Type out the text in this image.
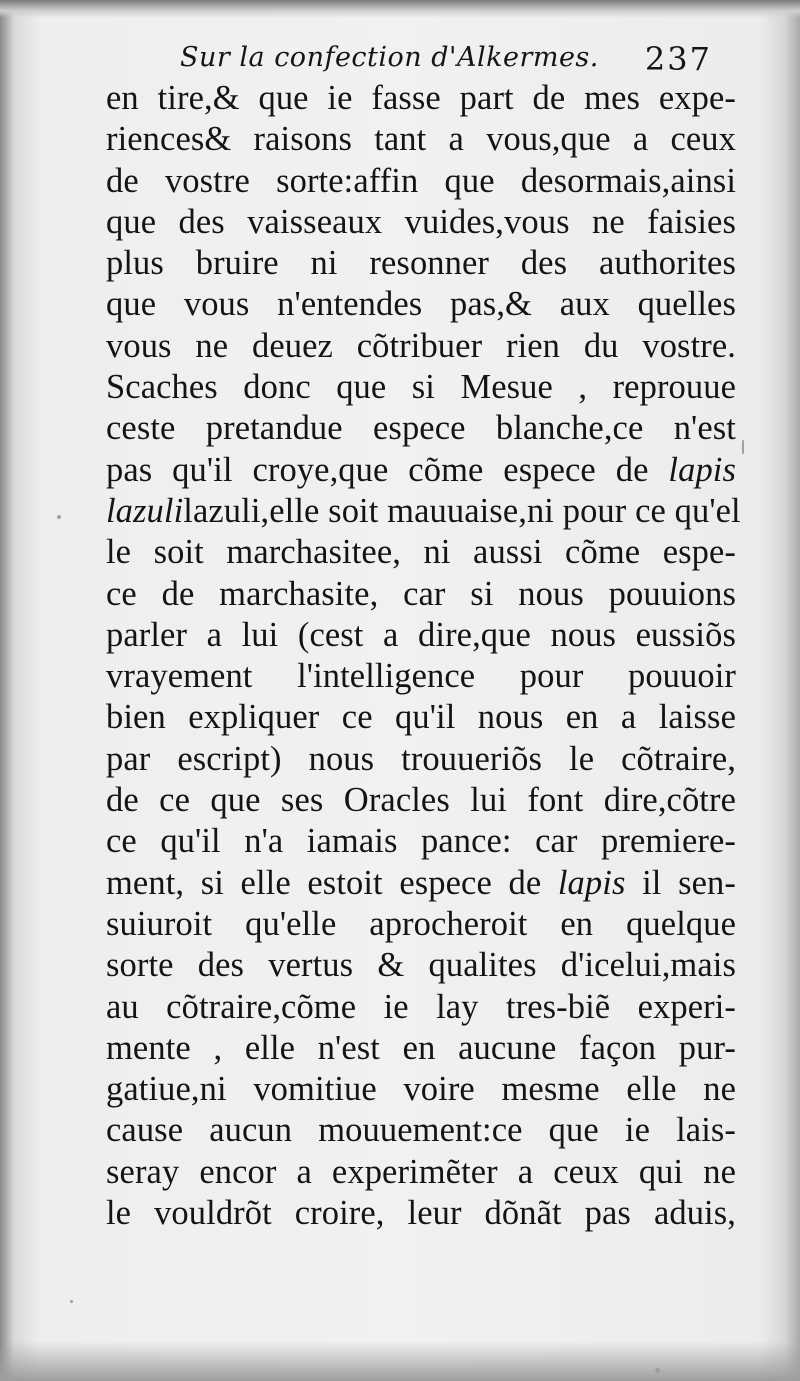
Sur la confection d'Alkermes. 237
en tire,& que ie fasse part de mes expe-
riences& raisons tant a vous,que a ceux
de vostre sorte:affin que desormais,ainsi
que des vaisseaux vuides,vous ne faisies
plus bruire ni resonner des authorites
que vous n'entendes pas,& aux quelles
vous ne deuez cõtribuer rien du vostre.
Scaches donc que si Mesue , reprouue
ceste pretandue espece blanche,ce n'est
pas qu'il croye,que cõme espece de lapis
lazulilazuli,elle soit mauuaise,ni pour ce qu'el
le soit marchasitee, ni aussi cõme espe-
ce de marchasite, car si nous pouuions
parler a lui (cest a dire,que nous eussiõs
vrayement l'intelligence pour pouuoir
bien expliquer ce qu'il nous en a laisse
par escript) nous trouueriõs le cõtraire,
de ce que ses Oracles lui font dire,cõtre
ce qu'il n'a iamais pance: car premiere-
ment, si elle estoit espece de lapis il sen-
suiuroit qu'elle aprocheroit en quelque
sorte des vertus & qualites d'icelui,mais
au cõtraire,cõme ie lay tres-biẽ experi-
mente , elle n'est en aucune façon pur-
gatiue,ni vomitiue voire mesme elle ne
cause aucun mouuement:ce que ie lais-
seray encor a experimẽter a ceux qui ne
le vouldrõt croire, leur dõnãt pas aduis,
